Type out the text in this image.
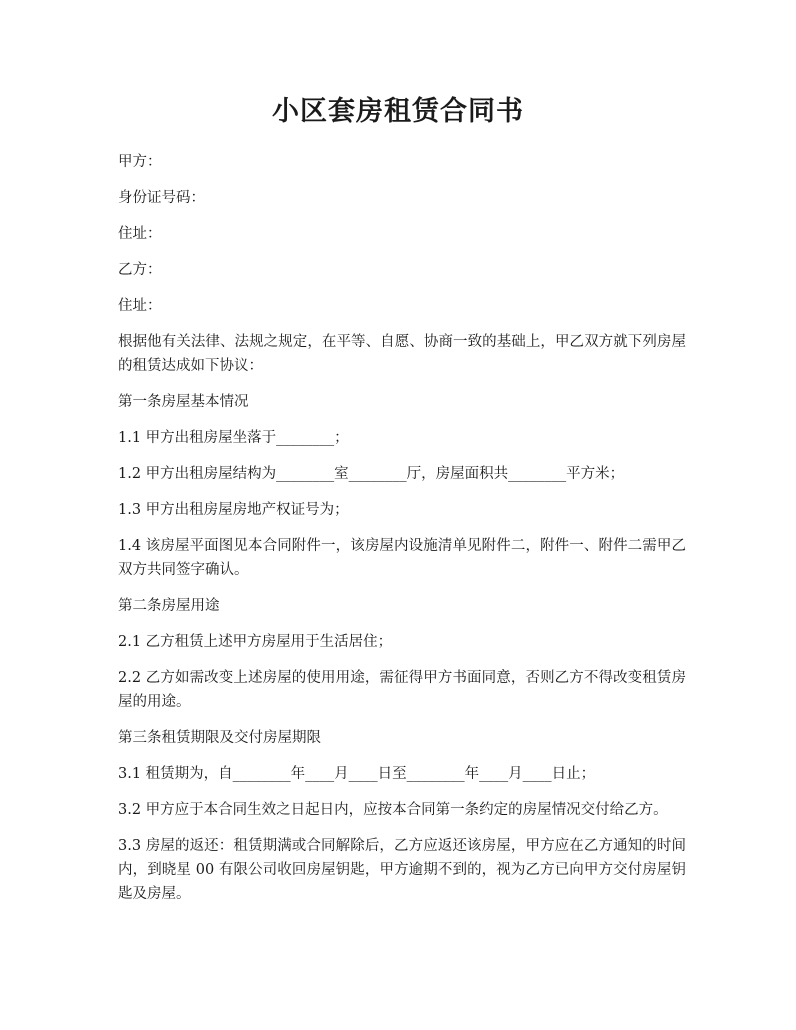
小区套房租赁合同书

甲方：

身份证号码：

住址：

乙方：

住址：

根据他有关法律、法规之规定，在平等、自愿、协商一致的基础上，甲乙双方就下列房屋的租赁达成如下协议：

第一条房屋基本情况

1.1 甲方出租房屋坐落于________；

1.2 甲方出租房屋结构为________室________厅，房屋面积共________平方米；

1.3 甲方出租房屋房地产权证号为；

1.4 该房屋平面图见本合同附件一，该房屋内设施清单见附件二，附件一、附件二需甲乙双方共同签字确认。

第二条房屋用途

2.1 乙方租赁上述甲方房屋用于生活居住；

2.2 乙方如需改变上述房屋的使用用途，需征得甲方书面同意，否则乙方不得改变租赁房屋的用途。

第三条租赁期限及交付房屋期限

3.1 租赁期为，自________年____月____日至________年____月____日止；

3.2 甲方应于本合同生效之日起日内，应按本合同第一条约定的房屋情况交付给乙方。

3.3 房屋的返还：租赁期满或合同解除后，乙方应返还该房屋，甲方应在乙方通知的时间内，到晓星 00 有限公司收回房屋钥匙，甲方逾期不到的，视为乙方已向甲方交付房屋钥匙及房屋。
